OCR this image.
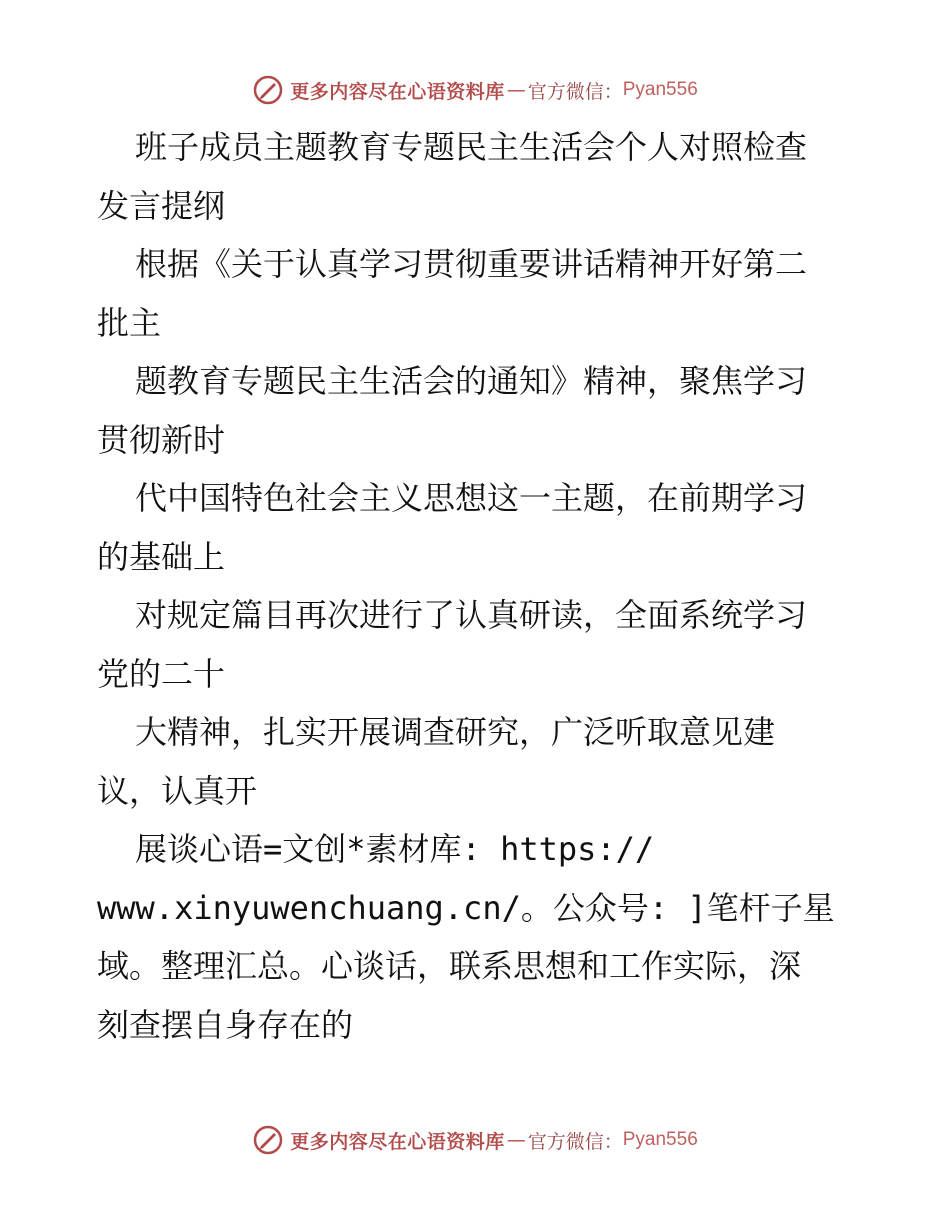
更多内容尽在心语资料库 — 官方微信： Pyan556
班子成员主题教育专题民主生活会个人对照检查
发言提纲
根据《关于认真学习贯彻重要讲话精神开好第二
批主
题教育专题民主生活会的通知》精神，聚焦学习
贯彻新时
代中国特色社会主义思想这一主题，在前期学习
的基础上
对规定篇目再次进行了认真研读，全面系统学习
党的二十
大精神，扎实开展调查研究，广泛听取意见建
议，认真开
展谈心语=文创*素材库: https://
www.xinyuwenchuang.cn/。公众号: ]笔杆子星
域。整理汇总。心谈话，联系思想和工作实际，深
刻查摆自身存在的
更多内容尽在心语资料库 — 官方微信： Pyan556
